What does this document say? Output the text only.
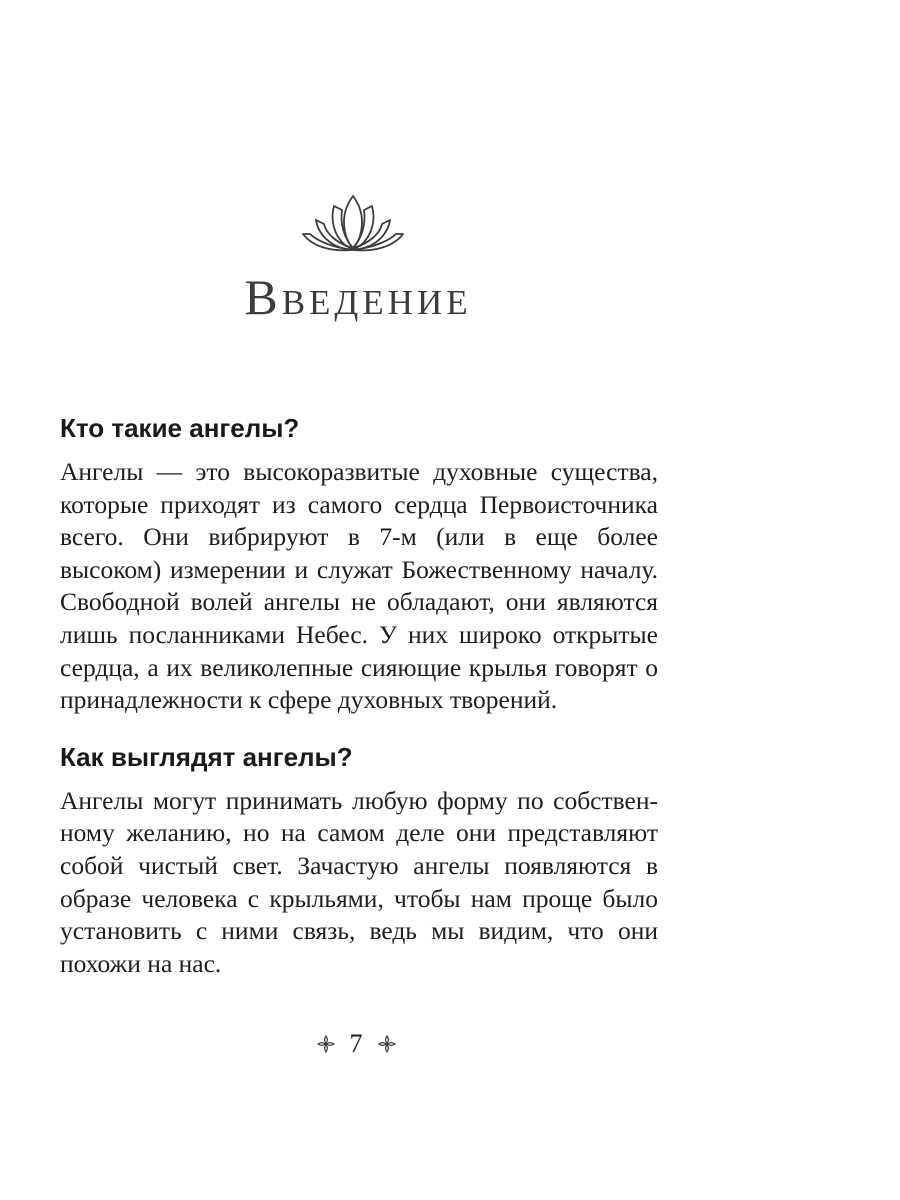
Введение
Кто такие ангелы?

Ангелы — это высокоразвитые духовные существа, которые приходят из самого сердца Первоисточника всего. Они вибрируют в 7-м (или в еще более высоком) измерении и служат Божественному началу. Свободной волей ангелы не обладают, они являются лишь посланниками Небес. У них широко открытые сердца, а их великолепные сияющие крылья говорят о принадлежности к сфере духовных творений.

Как выглядят ангелы?

Ангелы могут принимать любую форму по собственному желанию, но на самом деле они представляют собой чистый свет. Зачастую ангелы появляются в образе человека с крыльями, чтобы нам проще было установить с ними связь, ведь мы видим, что они похожи на нас.

7
